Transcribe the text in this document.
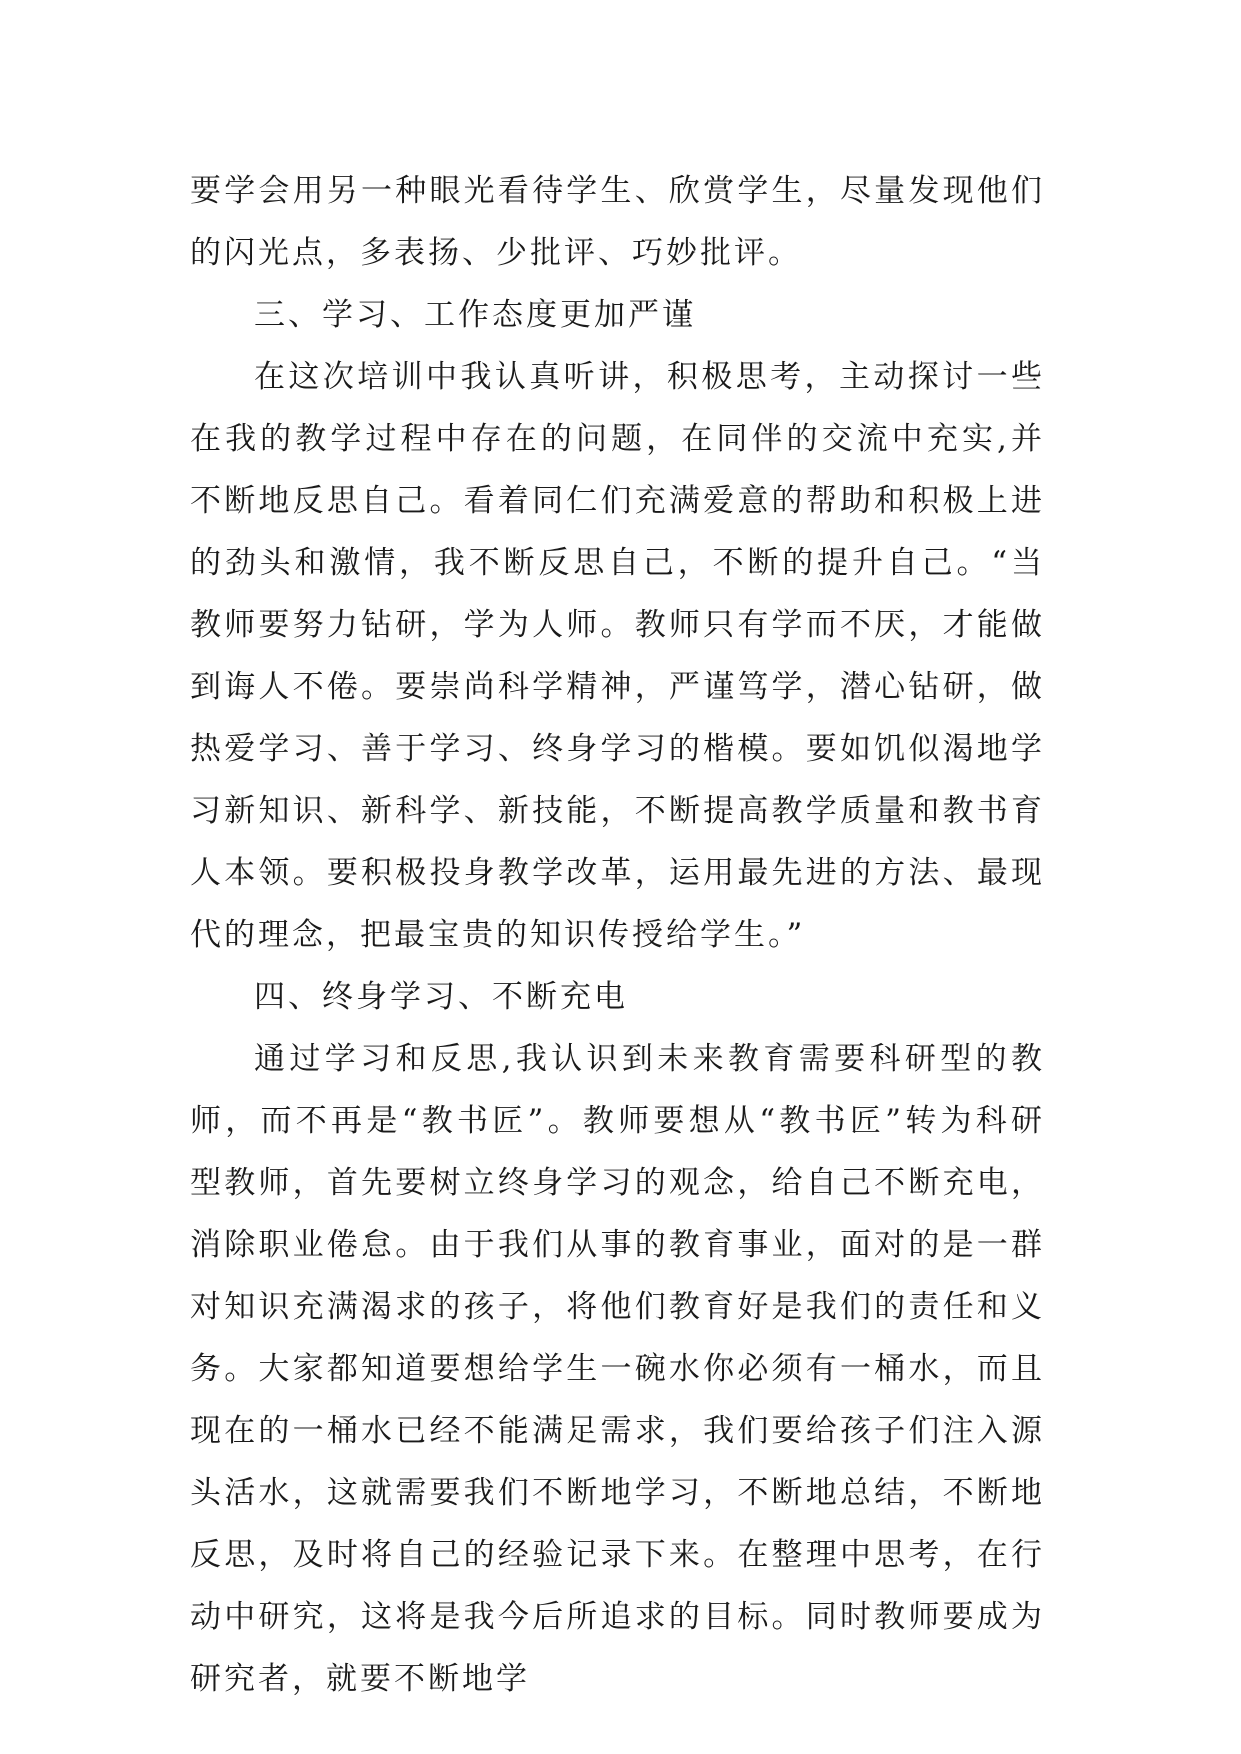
要学会用另一种眼光看待学生、欣赏学生，尽量发现他们的闪光点，多表扬、少批评、巧妙批评。

三、学习、工作态度更加严谨

在这次培训中我认真听讲，积极思考，主动探讨一些在我的教学过程中存在的问题，在同伴的交流中充实,并不断地反思自己。看着同仁们充满爱意的帮助和积极上进的劲头和激情，我不断反思自己，不断的提升自己。“当教师要努力钻研，学为人师。教师只有学而不厌，才能做到诲人不倦。要崇尚科学精神，严谨笃学，潜心钻研，做热爱学习、善于学习、终身学习的楷模。要如饥似渴地学习新知识、新科学、新技能，不断提高教学质量和教书育人本领。要积极投身教学改革，运用最先进的方法、最现代的理念，把最宝贵的知识传授给学生。”

四、终身学习、不断充电

通过学习和反思,我认识到未来教育需要科研型的教师，而不再是“教书匠”。教师要想从“教书匠”转为科研型教师，首先要树立终身学习的观念，给自己不断充电，消除职业倦怠。由于我们从事的教育事业，面对的是一群对知识充满渴求的孩子，将他们教育好是我们的责任和义务。大家都知道要想给学生一碗水你必须有一桶水，而且现在的一桶水已经不能满足需求，我们要给孩子们注入源头活水，这就需要我们不断地学习，不断地总结，不断地反思，及时将自己的经验记录下来。在整理中思考，在行动中研究，这将是我今后所追求的目标。同时教师要成为研究者，就要不断地学
